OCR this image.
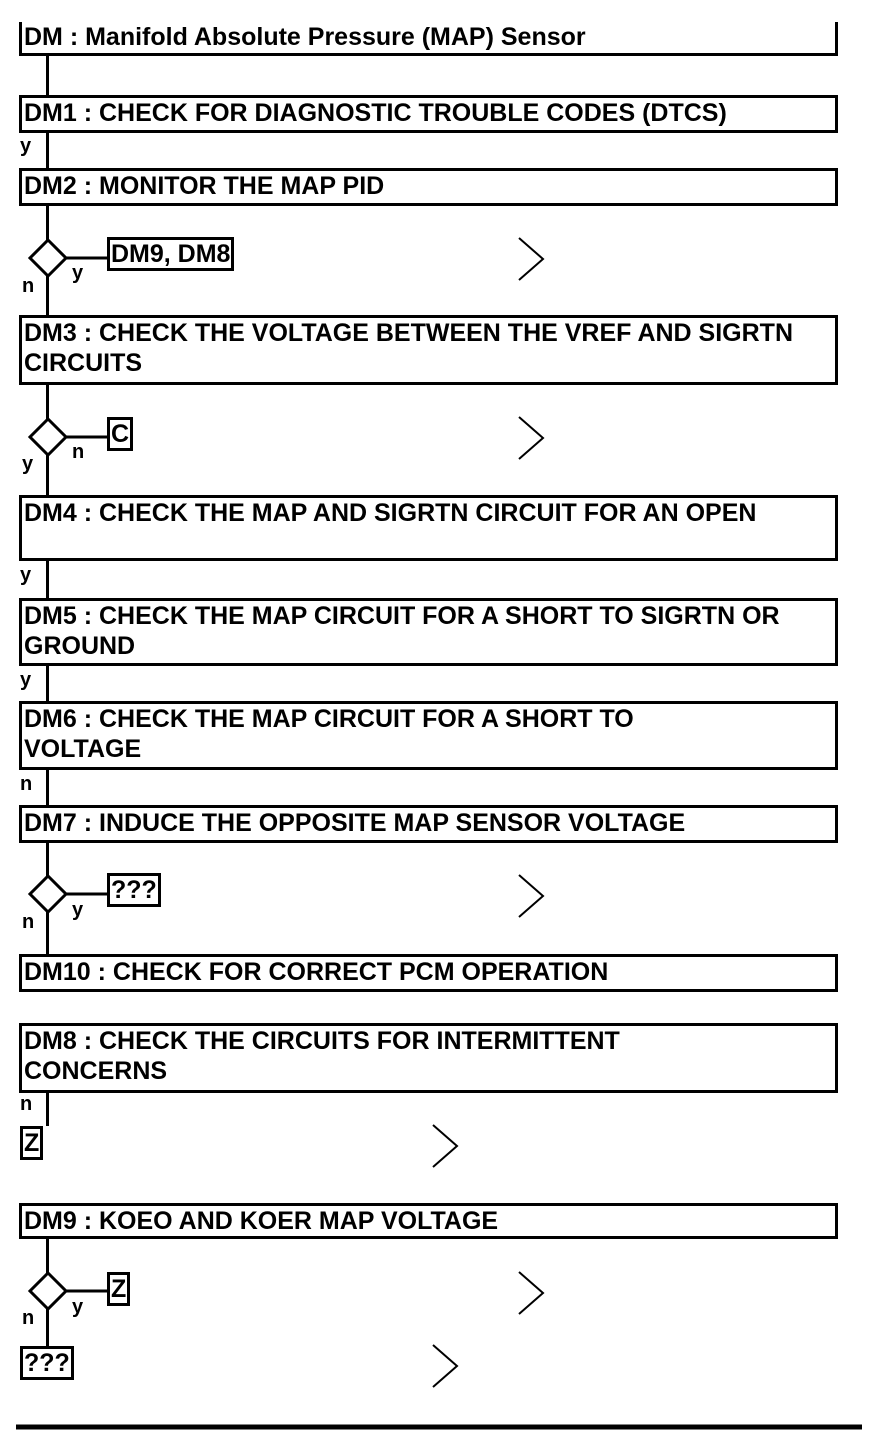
DM : Manifold Absolute Pressure (MAP) Sensor
DM1 : CHECK FOR DIAGNOSTIC TROUBLE CODES (DTCS)
y
DM2 : MONITOR THE MAP PID
DM3 : CHECK THE VOLTAGE BETWEEN THE VREF AND SIGRTN CIRCUITS
DM4 : CHECK THE MAP AND SIGRTN CIRCUIT FOR AN OPEN
y
DM5 : CHECK THE MAP CIRCUIT FOR A SHORT TO SIGRTN OR GROUND
y
DM6 : CHECK THE MAP CIRCUIT FOR A SHORT TO VOLTAGE
n
DM7 : INDUCE THE OPPOSITE MAP SENSOR VOLTAGE
DM10 : CHECK FOR CORRECT PCM OPERATION
DM8 : CHECK THE CIRCUITS FOR INTERMITTENT CONCERNS
n
Z
DM9 : KOEO AND KOER MAP VOLTAGE
???
y
n
DM9, DM8
n
y
C
y
n
???
y
n
Z
